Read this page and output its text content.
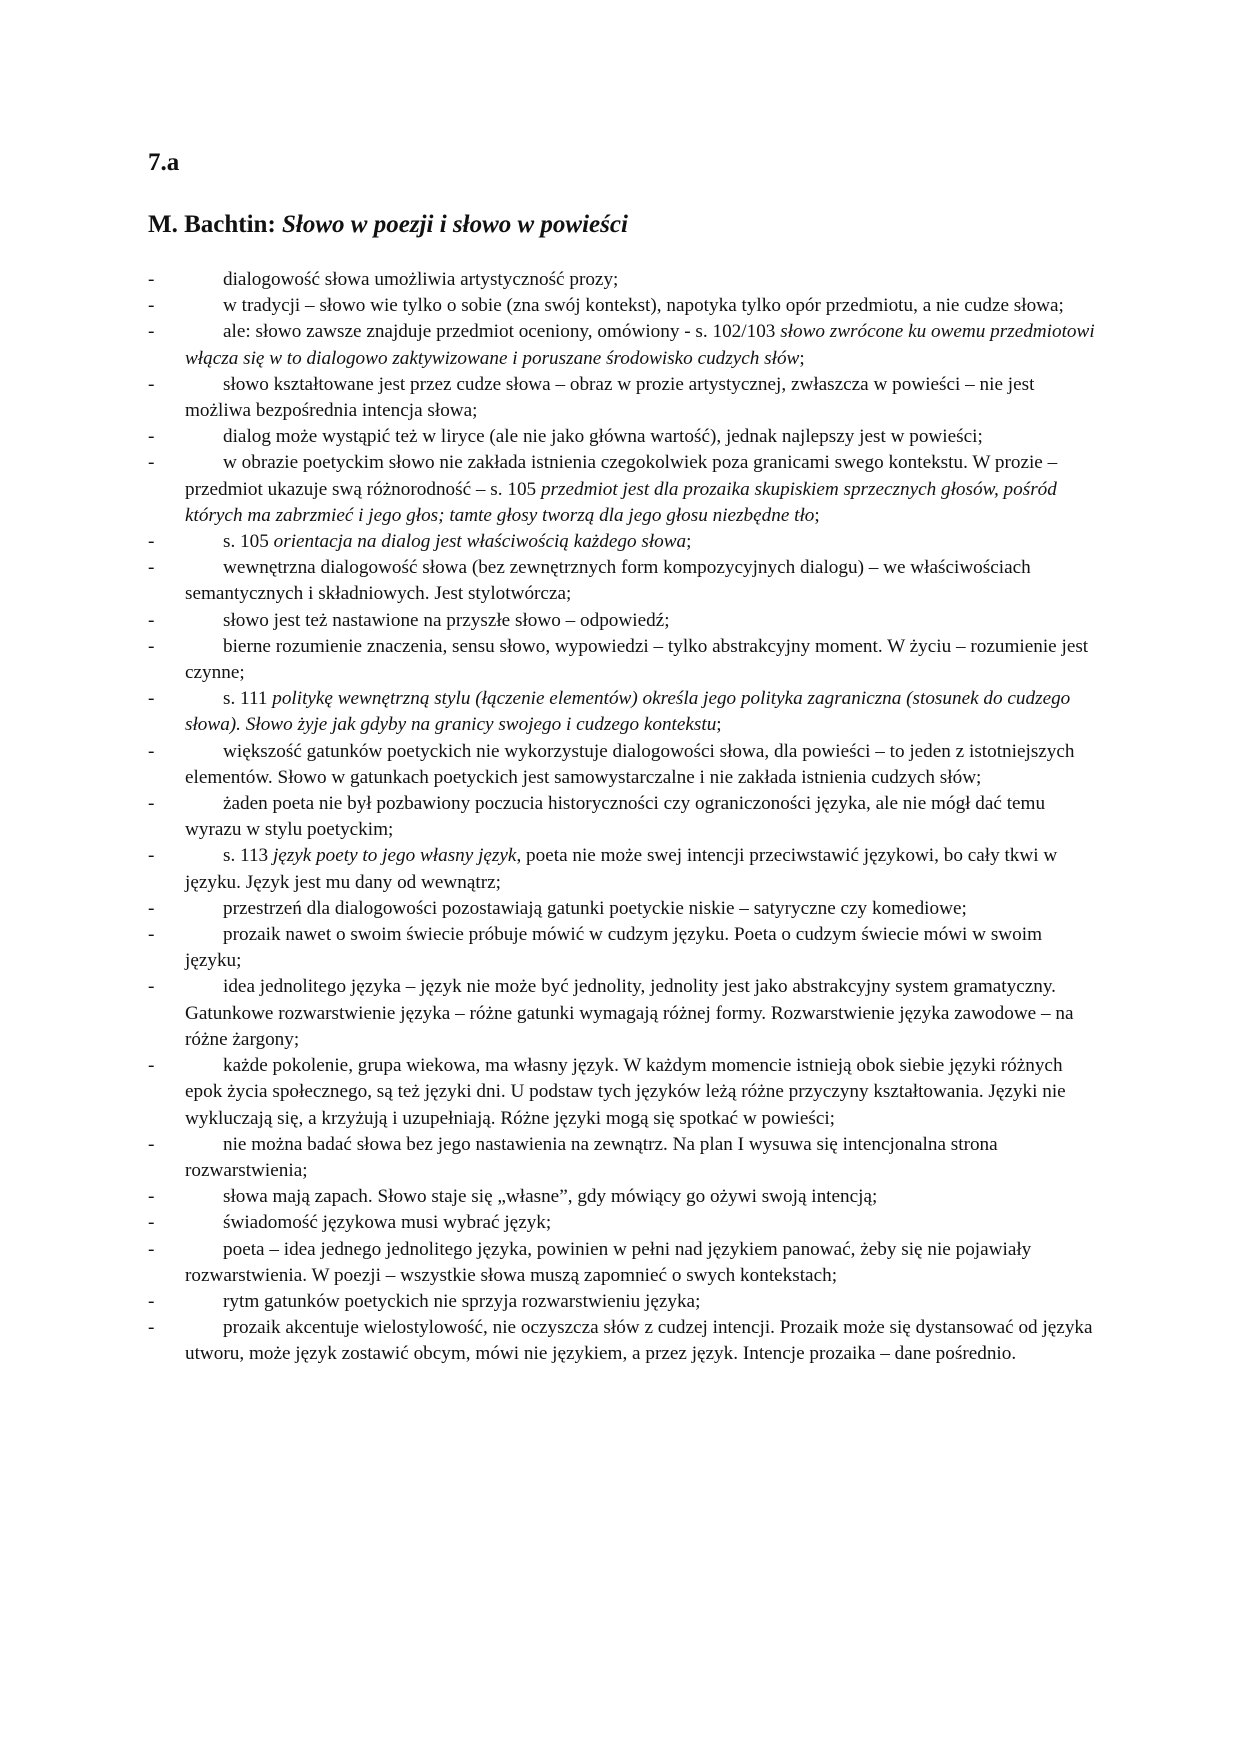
7.a
M. Bachtin: Słowo w poezji i słowo w powieści
-	dialogowość słowa umożliwia artystyczność prozy;
-	w tradycji – słowo wie tylko o sobie (zna swój kontekst), napotyka tylko opór przedmiotu, a nie cudze słowa;
-	ale: słowo zawsze znajduje przedmiot oceniony, omówiony - s. 102/103 słowo zwrócone ku owemu przedmiotowi włącza się w to dialogowo zaktywizowane i poruszane środowisko cudzych słów;
-	słowo kształtowane jest przez cudze słowa – obraz w prozie artystycznej, zwłaszcza w powieści – nie jest możliwa bezpośrednia intencja słowa;
-	dialog może wystąpić też w liryce (ale nie jako główna wartość), jednak najlepszy jest w powieści;
-	w obrazie poetyckim słowo nie zakłada istnienia czegokolwiek poza granicami swego kontekstu. W prozie – przedmiot ukazuje swą różnorodność – s. 105 przedmiot jest dla prozaika skupiskiem sprzecznych głosów, pośród których ma zabrzmieć i jego głos; tamte głosy tworzą dla jego głosu niezbędne tło;
-	s. 105 orientacja na dialog jest właściwością każdego słowa;
-	wewnętrzna dialogowość słowa (bez zewnętrznych form kompozycyjnych dialogu) – we właściwościach semantycznych i składniowych. Jest stylotwórcza;
-	słowo jest też nastawione na przyszłe słowo – odpowiedź;
-	bierne rozumienie znaczenia, sensu słowo, wypowiedzi – tylko abstrakcyjny moment. W życiu – rozumienie jest czynne;
-	s. 111 politykę wewnętrzną stylu (łączenie elementów) określa jego polityka zagraniczna (stosunek do cudzego słowa). Słowo żyje jak gdyby na granicy swojego i cudzego kontekstu;
-	większość gatunków poetyckich nie wykorzystuje dialogowości słowa, dla powieści – to jeden z istotniejszych elementów. Słowo w gatunkach poetyckich jest samowystarczalne i nie zakłada istnienia cudzych słów;
-	żaden poeta nie był pozbawiony poczucia historyczności czy ograniczoności języka, ale nie mógł dać temu wyrazu w stylu poetyckim;
-	s. 113 język poety to jego własny język, poeta nie może swej intencji przeciwstawić językowi, bo cały tkwi w języku. Język jest mu dany od wewnątrz;
-	przestrzeń dla dialogowości pozostawiają gatunki poetyckie niskie – satyryczne czy komediowe;
-	prozaik nawet o swoim świecie próbuje mówić w cudzym języku. Poeta o cudzym świecie mówi w swoim języku;
-	idea jednolitego języka – język nie może być jednolity, jednolity jest jako abstrakcyjny system gramatyczny. Gatunkowe rozwarstwienie języka – różne gatunki wymagają różnej formy. Rozwarstwienie języka zawodowe – na różne żargony;
-	każde pokolenie, grupa wiekowa, ma własny język. W każdym momencie istnieją obok siebie języki różnych epok życia społecznego, są też języki dni. U podstaw tych języków leżą różne przyczyny kształtowania. Języki nie wykluczają się, a krzyżują i uzupełniają. Różne języki mogą się spotkać w powieści;
-	nie można badać słowa bez jego nastawienia na zewnątrz. Na plan I wysuwa się intencjonalna strona rozwarstwienia;
-	słowa mają zapach. Słowo staje się „własne”, gdy mówiący go ożywi swoją intencją;
-	świadomość językowa musi wybrać język;
-	poeta – idea jednego jednolitego języka, powinien w pełni nad językiem panować, żeby się nie pojawiały rozwarstwienia. W poezji – wszystkie słowa muszą zapomnieć o swych kontekstach;
-	rytm gatunków poetyckich nie sprzyja rozwarstwieniu języka;
-	prozaik akcentuje wielostylowość, nie oczyszcza słów z cudzej intencji. Prozaik może się dystansować od języka utworu, może język zostawić obcym, mówi nie językiem, a przez język. Intencje prozaika – dane pośrednio.
